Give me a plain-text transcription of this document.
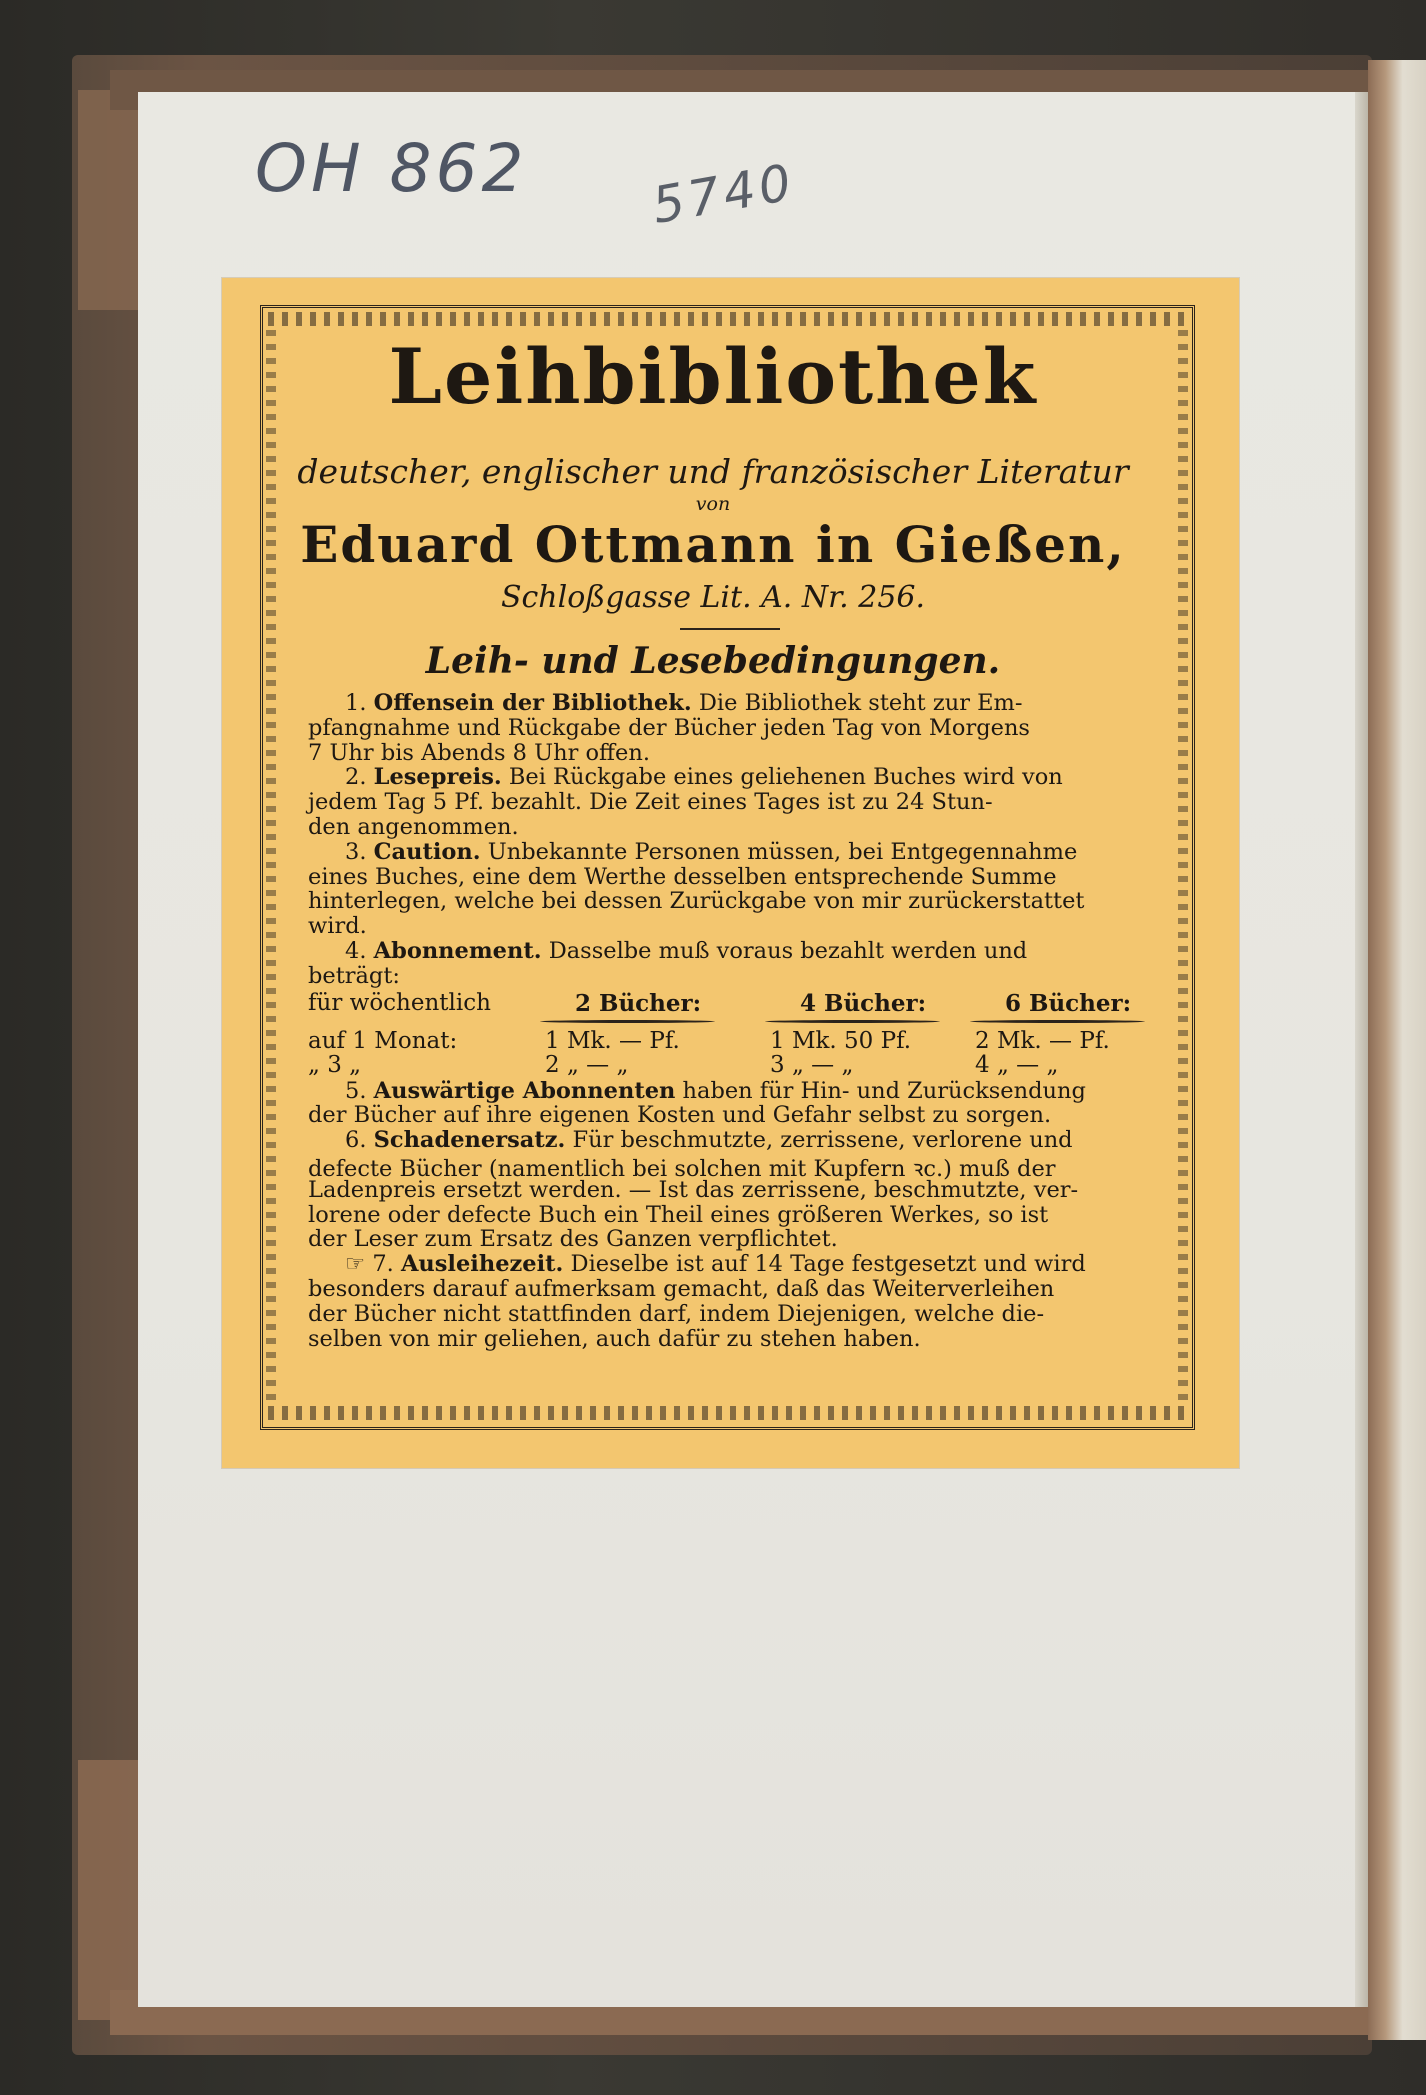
OH 862 5740
Leihbibliothek
deutscher, englischer und französischer Literatur
von
Eduard Ottmann in Gießen,
Schloßgasse Lit. A. Nr. 256.
Leih- und Lesebedingungen.
1. Offensein der Bibliothek. Die Bibliothek steht zur Em-
pfangnahme und Rückgabe der Bücher jeden Tag von Morgens
7 Uhr bis Abends 8 Uhr offen.
2. Lesepreis. Bei Rückgabe eines geliehenen Buches wird von
jedem Tag 5 Pf. bezahlt. Die Zeit eines Tages ist zu 24 Stun-
den angenommen.
3. Caution. Unbekannte Personen müssen, bei Entgegennahme
eines Buches, eine dem Werthe desselben entsprechende Summe
hinterlegen, welche bei dessen Zurückgabe von mir zurückerstattet
wird.
4. Abonnement. Dasselbe muß voraus bezahlt werden und
beträgt:
für wöchentlich	2 Bücher:	4 Bücher:	6 Bücher:
auf 1 Monat:	1 Mk. — Pf.	1 Mk. 50 Pf.	2 Mk. — Pf.
„ 3 „	2 „ — „	3 „ — „	4 „ — „
5. Auswärtige Abonnenten haben für Hin- und Zurücksendung
der Bücher auf ihre eigenen Kosten und Gefahr selbst zu sorgen.
6. Schadenersatz. Für beschmutzte, zerrissene, verlorene und
defecte Bücher (namentlich bei solchen mit Kupfern ꝛc.) muß der
Ladenpreis ersetzt werden. — Ist das zerrissene, beschmutzte, ver-
lorene oder defecte Buch ein Theil eines größeren Werkes, so ist
der Leser zum Ersatz des Ganzen verpflichtet.
☞ 7. Ausleihezeit. Dieselbe ist auf 14 Tage festgesetzt und wird
besonders darauf aufmerksam gemacht, daß das Weiterverleihen
der Bücher nicht stattfinden darf, indem Diejenigen, welche die-
selben von mir geliehen, auch dafür zu stehen haben.
